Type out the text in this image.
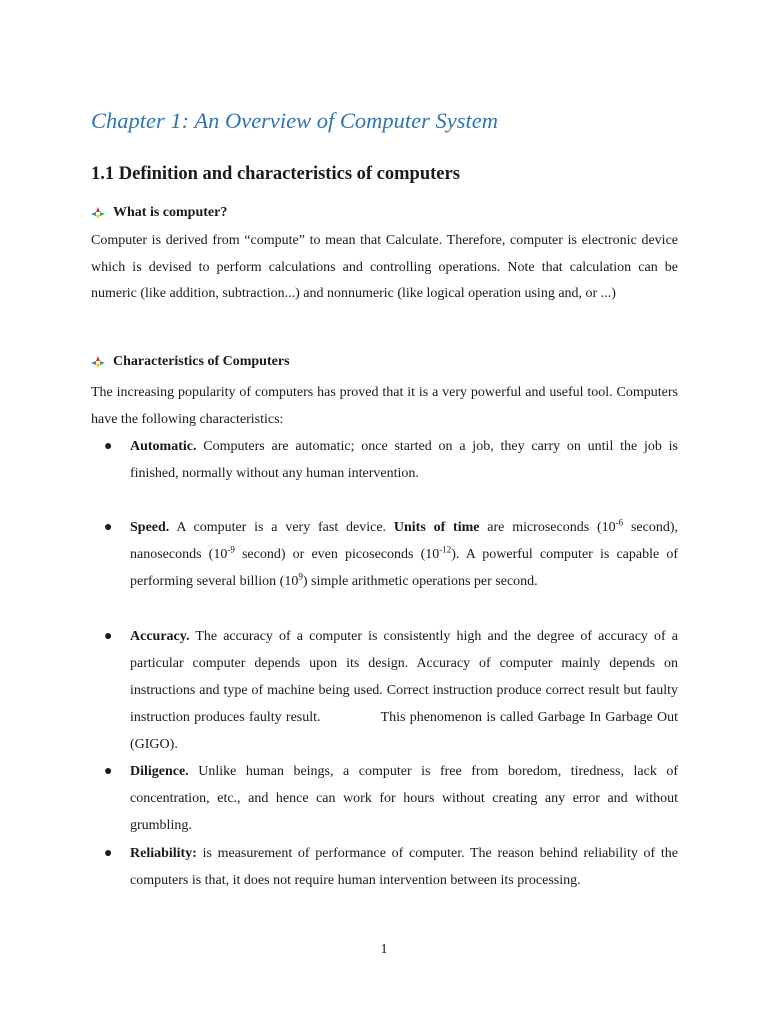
Chapter 1: An Overview of Computer System
1.1 Definition and characteristics of computers
What is computer?

Computer is derived from “compute” to mean that Calculate. Therefore, computer is electronic device which is devised to perform calculations and controlling operations. Note that calculation can be numeric (like addition, subtraction...) and nonnumeric (like logical operation using and, or ...)

Characteristics of Computers

The increasing popularity of computers has proved that it is a very powerful and useful tool. Computers have the following characteristics:

●	Automatic. Computers are automatic; once started on a job, they carry on until the job is finished, normally without any human intervention.
●	Speed. A computer is a very fast device. Units of time are microseconds ($10^{-6}$ second), nanoseconds ($10^{-9}$ second) or even picoseconds $(10^{-12})$. A powerful computer is capable of performing several billion $(10^9)$ simple arithmetic operations per second.
●	Accuracy. The accuracy of a computer is consistently high and the degree of accuracy of a particular computer depends upon its design. Accuracy of computer mainly depends on instructions and type of machine being used. Correct instruction produce correct result but faulty instruction produces faulty result.	This phenomenon is called Garbage In Garbage Out (GIGO).
●	Diligence. Unlike human beings, a computer is free from boredom, tiredness, lack of concentration, etc., and hence can work for hours without creating any error and without grumbling.
●	Reliability: is measurement of performance of computer. The reason behind reliability of the computers is that, it does not require human intervention between its processing.
1
